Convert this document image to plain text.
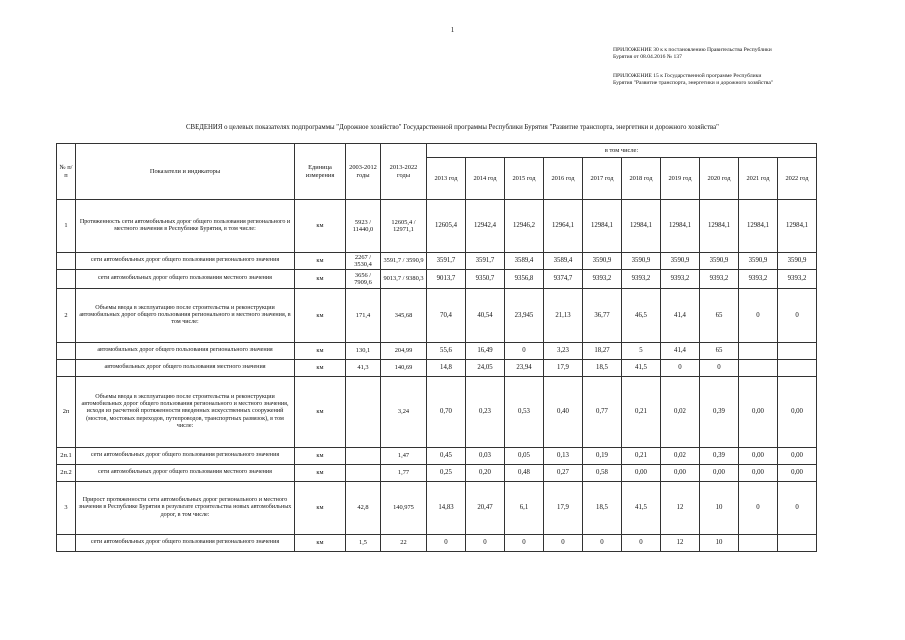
1
ПРИЛОЖЕНИЕ 30 к к постановлению Правительства Республики
Бурятия от 08.04.2016 № 137
ПРИЛОЖЕНИЕ 15 к Государственной программе Республики
Бурятия "Развитие транспорта, энергетики и дорожного хозяйства"
СВЕДЕНИЯ о целевых показателях подпрограммы "Дорожное хозяйство" Государственной программы Республики Бурятия "Развитие транспорта, энергетики и дорожного хозяйства"
№ п/п	Показатели и индикаторы	Единица измерения	2003-2012 годы	2013-2022 годы	в том числе:									
					2013 год	2014 год	2015 год	2016 год	2017 год	2018 год	2019 год	2020 год	2021 год	2022 год
1	Протяженность сети автомобильных дорог общего пользования регионального и местного значения в Республике Бурятия, в том числе:	км	5923 / 11440,0	12605,4 / 12971,1	12605,4	12942,4	12946,2	12964,1	12984,1	12984,1	12984,1	12984,1	12984,1	12984,1
	сети автомобильных дорог общего пользования регионального значения	км	2267 / 3530,4	3591,7 / 3590,9	3591,7	3591,7	3589,4	3589,4	3590,9	3590,9	3590,9	3590,9	3590,9	3590,9
	сети автомобильных дорог общего пользования местного значения	км	3656 / 7909,6	9013,7 / 9380,3	9013,7	9350,7	9356,8	9374,7	9393,2	9393,2	9393,2	9393,2	9393,2	9393,2
2	Объемы ввода в эксплуатацию после строительства и реконструкции автомобильных дорог общего пользования регионального и местного значения, в том числе:	км	171,4	345,68	70,4	40,54	23,945	21,13	36,77	46,5	41,4	65	0	0
	автомобильных дорог общего пользования регионального значения	км	130,1	204,99	55,6	16,49	0	3,23	18,27	5	41,4	65		
	автомобильных дорог общего пользования местного значения	км	41,3	140,69	14,8	24,05	23,94	17,9	18,5	41,5	0	0		
2п	Объемы ввода в эксплуатацию после строительства и реконструкции автомобильных дорог общего пользования регионального и местного значения, исходя из расчетной протяженности введенных искусственных сооружений (мостов, мостовых переходов, путепроводов, транспортных развязок), в том числе:	км		3,24	0,70	0,23	0,53	0,40	0,77	0,21	0,02	0,39	0,00	0,00
2п.1	сети автомобильных дорог общего пользования регионального значения	км		1,47	0,45	0,03	0,05	0,13	0,19	0,21	0,02	0,39	0,00	0,00
2п.2	сети автомобильных дорог общего пользования местного значения	км		1,77	0,25	0,20	0,48	0,27	0,58	0,00	0,00	0,00	0,00	0,00
3	Прирост протяженности сети автомобильных дорог регионального и местного значения в Республике Бурятия в результате строительства новых автомобильных дорог, в том числе:	км	42,8	140,975	14,83	20,47	6,1	17,9	18,5	41,5	12	10	0	0
	сети автомобильных дорог общего пользования регионального значения	км	1,5	22	0	0	0	0	0	0	12	10		
